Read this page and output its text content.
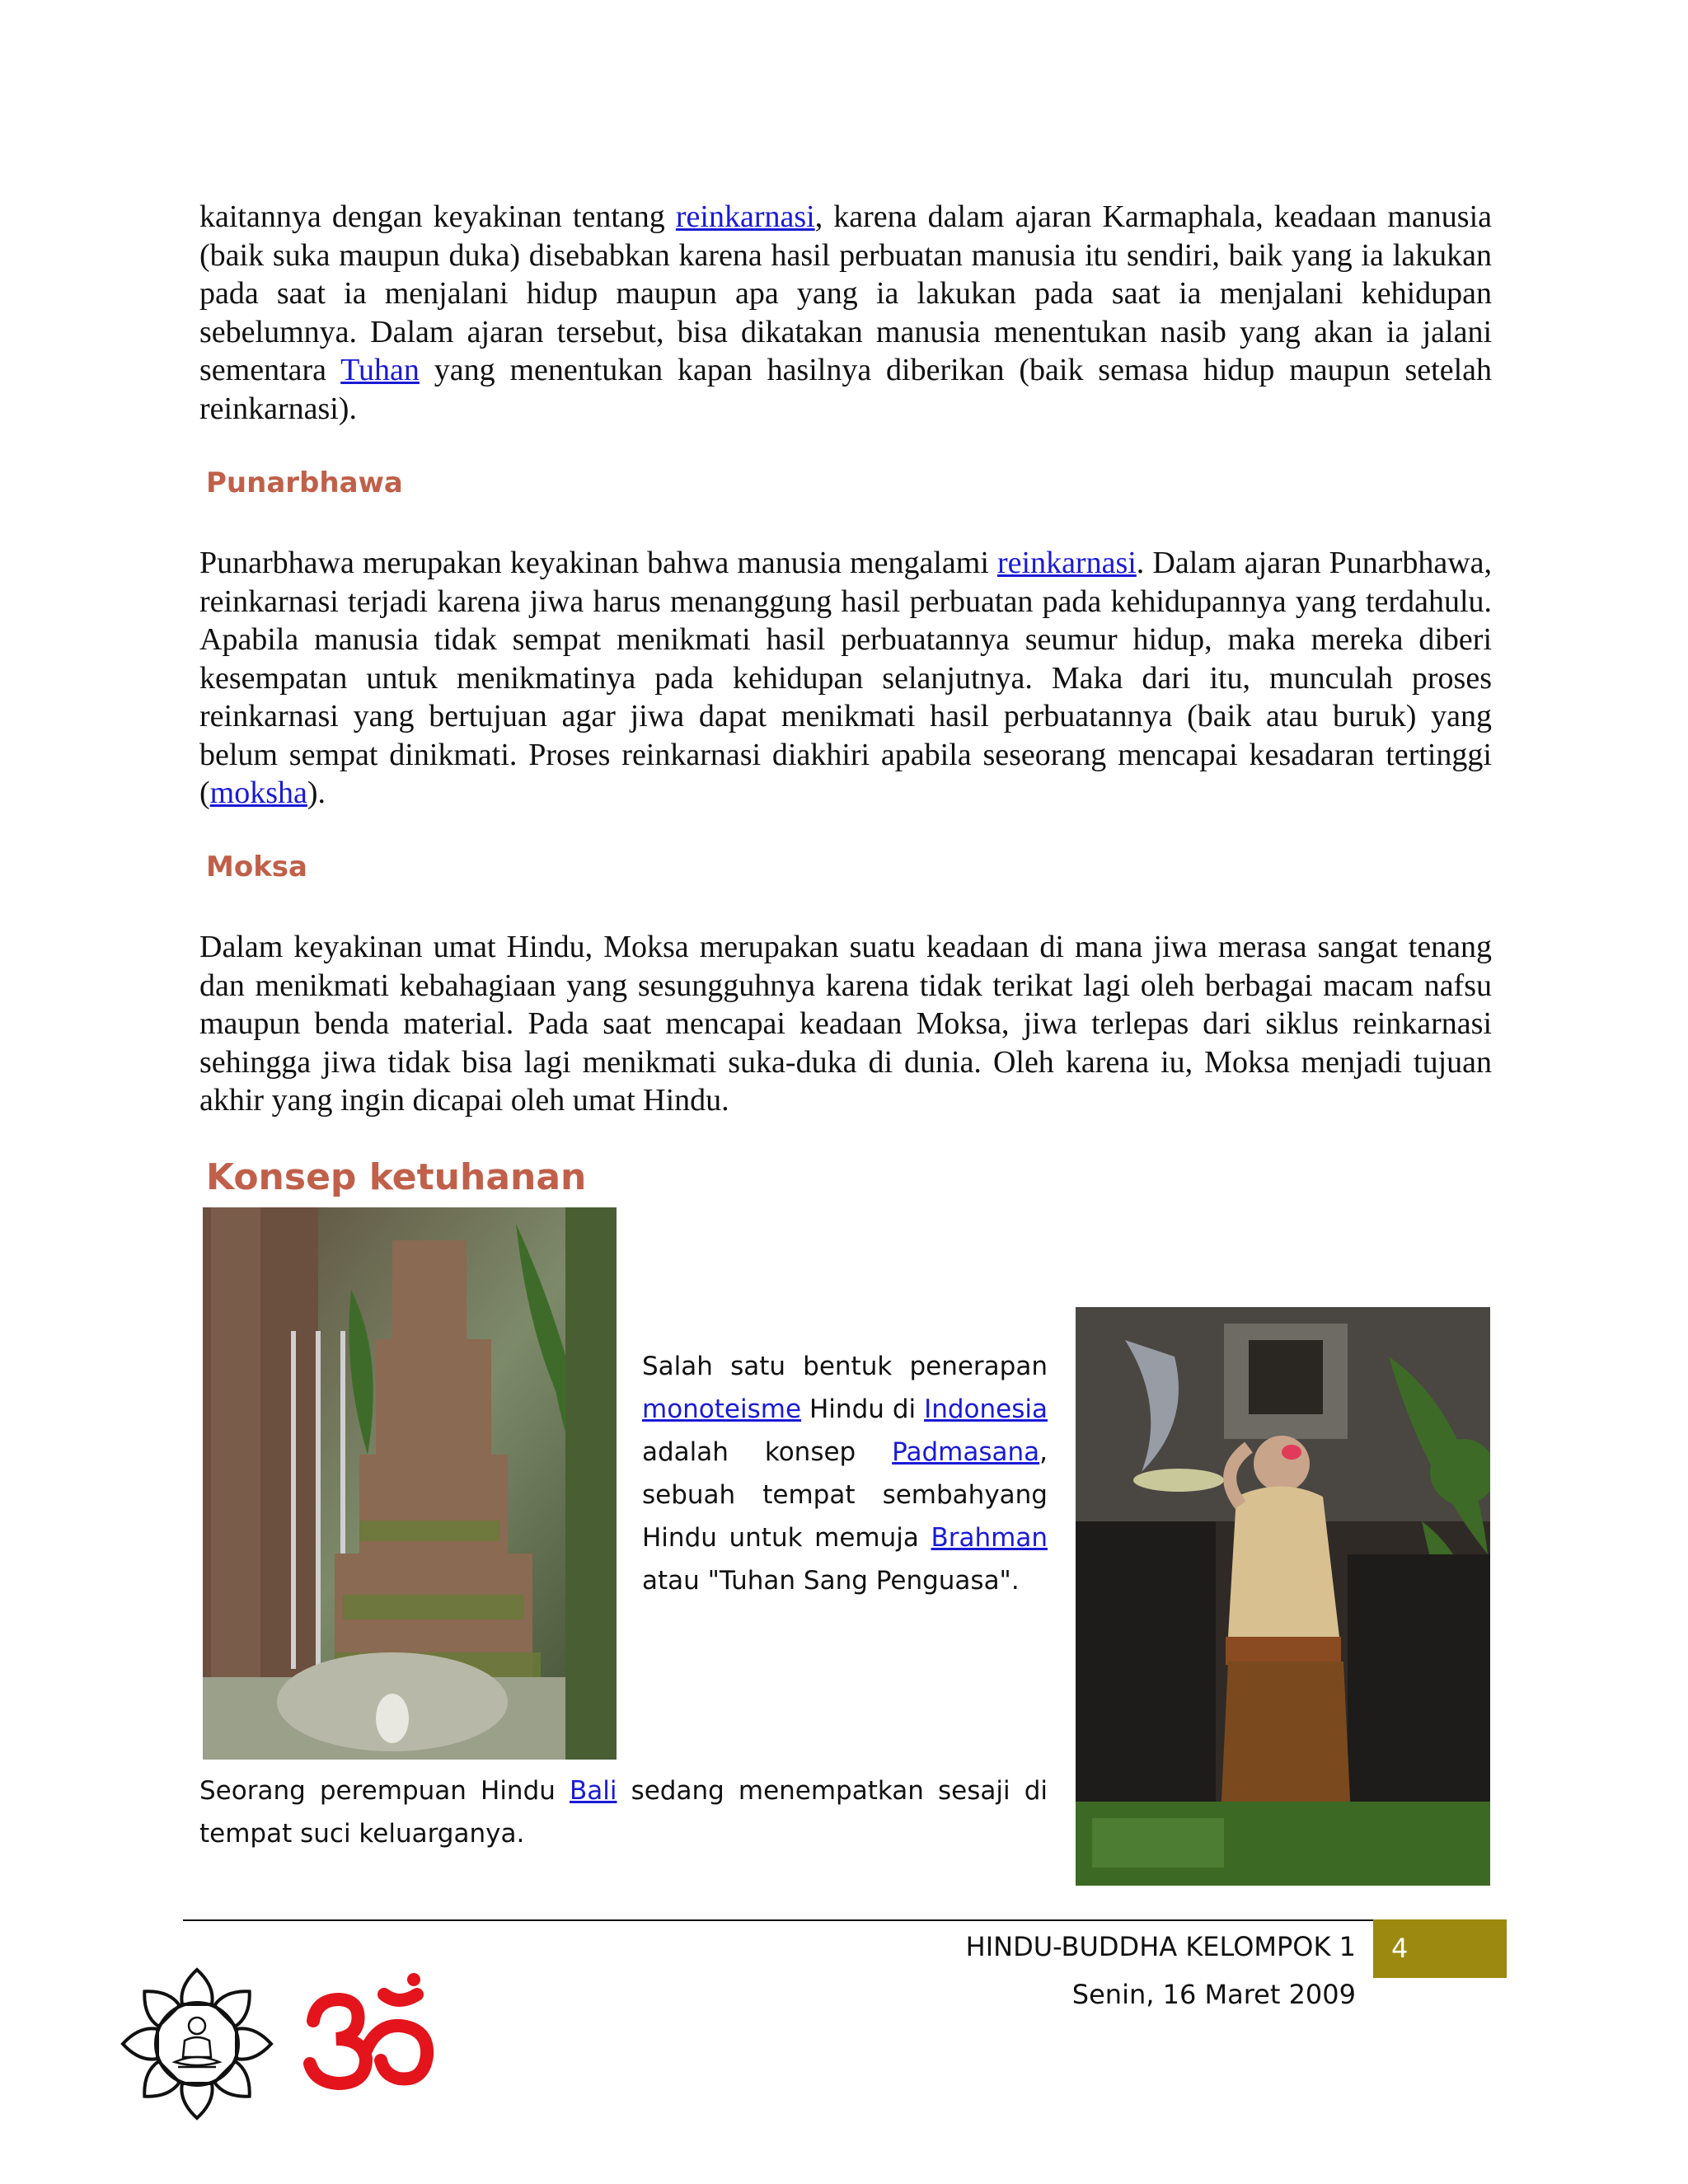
kaitannya dengan keyakinan tentang reinkarnasi, karena dalam ajaran Karmaphala, keadaan manusia (baik suka maupun duka) disebabkan karena hasil perbuatan manusia itu sendiri, baik yang ia lakukan pada saat ia menjalani hidup maupun apa yang ia lakukan pada saat ia menjalani kehidupan sebelumnya. Dalam ajaran tersebut, bisa dikatakan manusia menentukan nasib yang akan ia jalani sementara Tuhan yang menentukan kapan hasilnya diberikan (baik semasa hidup maupun setelah reinkarnasi).

Punarbhawa

Punarbhawa merupakan keyakinan bahwa manusia mengalami reinkarnasi. Dalam ajaran Punarbhawa, reinkarnasi terjadi karena jiwa harus menanggung hasil perbuatan pada kehidupannya yang terdahulu. Apabila manusia tidak sempat menikmati hasil perbuatannya seumur hidup, maka mereka diberi kesempatan untuk menikmatinya pada kehidupan selanjutnya. Maka dari itu, munculah proses reinkarnasi yang bertujuan agar jiwa dapat menikmati hasil perbuatannya (baik atau buruk) yang belum sempat dinikmati. Proses reinkarnasi diakhiri apabila seseorang mencapai kesadaran tertinggi (moksha).

Moksa

Dalam keyakinan umat Hindu, Moksa merupakan suatu keadaan di mana jiwa merasa sangat tenang dan menikmati kebahagiaan yang sesungguhnya karena tidak terikat lagi oleh berbagai macam nafsu maupun benda material. Pada saat mencapai keadaan Moksa, jiwa terlepas dari siklus reinkarnasi sehingga jiwa tidak bisa lagi menikmati suka-duka di dunia. Oleh karena iu, Moksa menjadi tujuan akhir yang ingin dicapai oleh umat Hindu.

Konsep ketuhanan

Salah satu bentuk penerapan monoteisme Hindu di Indonesia adalah konsep Padmasana, sebuah tempat sembahyang Hindu untuk memuja Brahman atau "Tuhan Sang Penguasa".

Seorang perempuan Hindu Bali sedang menempatkan sesaji di tempat suci keluarganya.

HINDU-BUDDHA KELOMPOK 1	4
Senin, 16 Maret 2009
